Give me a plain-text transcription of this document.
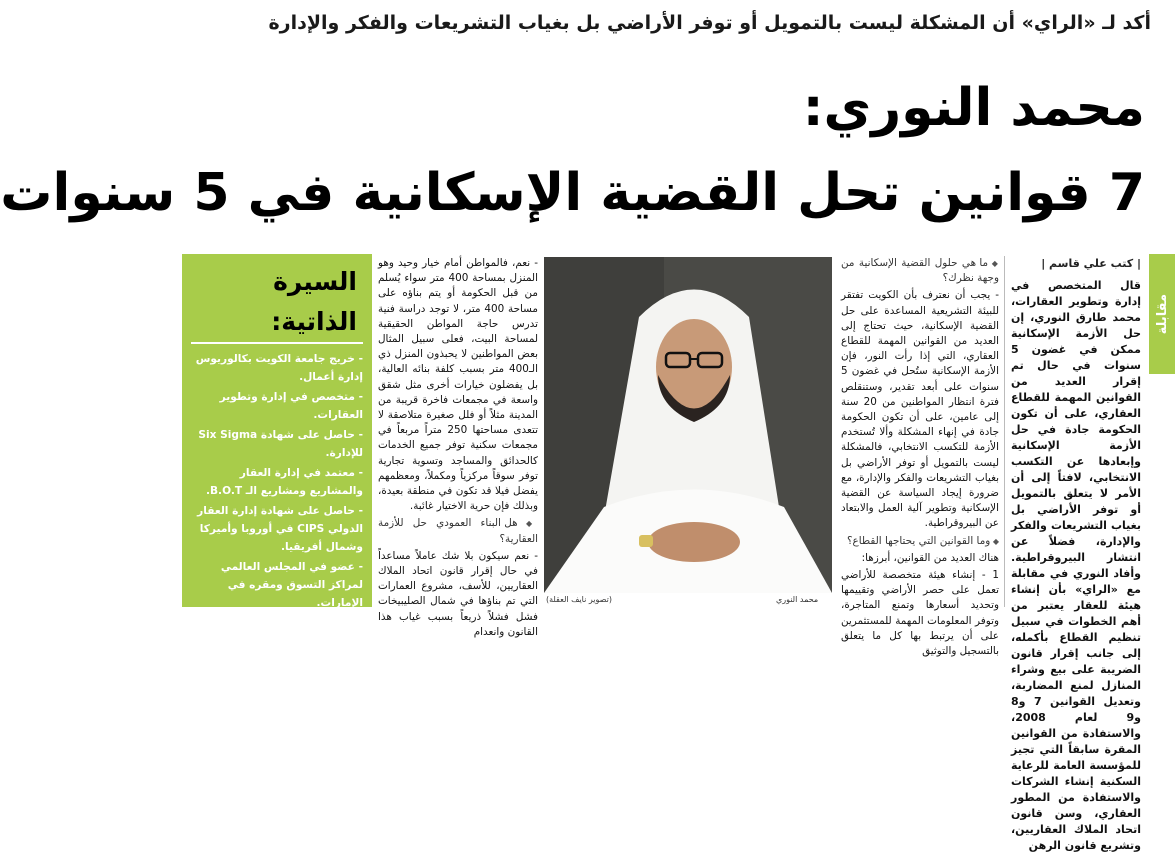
أكد لـ «الراي» أن المشكلة ليست بالتمويل أو توفر الأراضي بل بغياب التشريعات والفكر والإدارة
محمد النوري:
7 قوانين تحل القضية الإسكانية في 5 سنوات
مقابلة
| كتب علي قاسم |
قال المتخصص في إدارة وتطوير العقارات، محمد طارق النوري، إن حل الأزمة الإسكانية ممكن في غضون 5 سنوات في حال تم إقرار العديد من القوانين المهمة للقطاع العقاري، على أن تكون الحكومة جادة في حل الأزمة الإسكانية وإبعادها عن التكسب الانتخابي، لافتاً إلى أن الأمر لا يتعلق بالتمويل أو توفر الأراضي بل بغياب التشريعات والفكر والإدارة، فضلاً عن انتشار البيروقراطية. وأفاد النوري في مقابلة مع «الراي» بأن إنشاء هيئة للعقار يعتبر من أهم الخطوات في سبيل تنظيم القطاع بأكمله، إلى جانب إقرار قانون الضريبة على بيع وشراء المنازل لمنع المضاربة، وتعديل القوانين 7 و8 و9 لعام 2008، والاستفادة من القوانين المقرة سابقاً التي تجيز للمؤسسة العامة للرعاية السكنية إنشاء الشركات والاستفادة من المطور العقاري، وسن قانون اتحاد الملاك العقاريين، وتشريع قانون الرهن
◆ ما هي حلول القضية الإسكانية من وجهة نظرك؟
- يجب أن نعترف بأن الكويت تفتقر للبيئة التشريعية المساعدة على حل القضية الإسكانية، حيث تحتاج إلى العديد من القوانين المهمة للقطاع العقاري، التي إذا رأت النور، فإن الأزمة الإسكانية ستُحل في غضون 5 سنوات على أبعد تقدير، وستنقلص فترة انتظار المواطنين من 20 سنة إلى عامين، على أن تكون الحكومة جادة في إنهاء المشكلة وألا تُستخدم الأزمة للتكسب الانتخابي، فالمشكلة ليست بالتمويل أو توفر الأراضي بل بغياب التشريعات والفكر والإدارة، مع ضرورة إيجاد السياسة عن القضية الإسكانية وتطوير آلية العمل والابتعاد عن البيروقراطية.
◆ وما القوانين التي يحتاجها القطاع؟
هناك العديد من القوانين، أبرزها:
1 - إنشاء هيئة متخصصة للأراضي تعمل على حصر الأراضي وتقييمها وتحديد أسعارها وتمنع المتاجرة، وتوفر المعلومات المهمة للمستثمرين على أن يرتبط بها كل ما يتعلق بالتسجيل والتوثيق
(تصوير نايف العقلة)	محمد النوري
- نعم، فالمواطن أمام خيار وحيد وهو المنزل بمساحة 400 متر سواء يُسلم من قبل الحكومة أو يتم بناؤه على مساحة 400 متر، لا توجد دراسة فنية تدرس حاجة المواطن الحقيقية لمساحة البيت، فعلى سبيل المثال بعض المواطنين لا يحبذون المنزل ذي الـ400 متر بسبب كلفة بنائه العالية، بل يفضلون خيارات أخرى مثل شقق واسعة في مجمعات فاخرة قريبة من المدينة مثلاً أو فلل صغيرة متلاصقة لا تتعدى مساحتها 250 متراً مربعاً في مجمعات سكنية توفر جميع الخدمات كالحدائق والمساجد وتسوية تجارية توفر سوقاً مركزياً ومكملاً، ومعظمهم يفضل فيلا قد تكون في منطقة بعيدة، وبذلك فإن حرية الاختيار غائبة.
◆ هل البناء العمودي حل للأزمة العقارية؟
- نعم سيكون بلا شك عاملاً مساعداً في حال إقرار قانون اتحاد الملاك العقاريين، للأسف، مشروع العمارات التي تم بناؤها في شمال الصليبيخات فشل فشلاً ذريعاً بسبب غياب هذا القانون وانعدام
السيرة الذاتية:
- خريج جامعة الكويت بكالوريوس إدارة أعمال.
- متخصص في إدارة وتطوير العقارات.
- حاصل على شهادة Six Sigma للإدارة.
- معتمد في إدارة العقار والمشاريع ومشاريع الـ B.O.T.
- حاصل على شهادة إدارة العقار الدولي CIPS في أوروبا وأميركا وشمال أفريقيا.
- عضو في المجلس العالمي لمراكز التسوق ومقره في الإمارات.
- عضو في الجمعية الأميركية للعقاريين (NAR).
- عضو اتحاد المحترفين والخبراء والتقنيين العقاري
